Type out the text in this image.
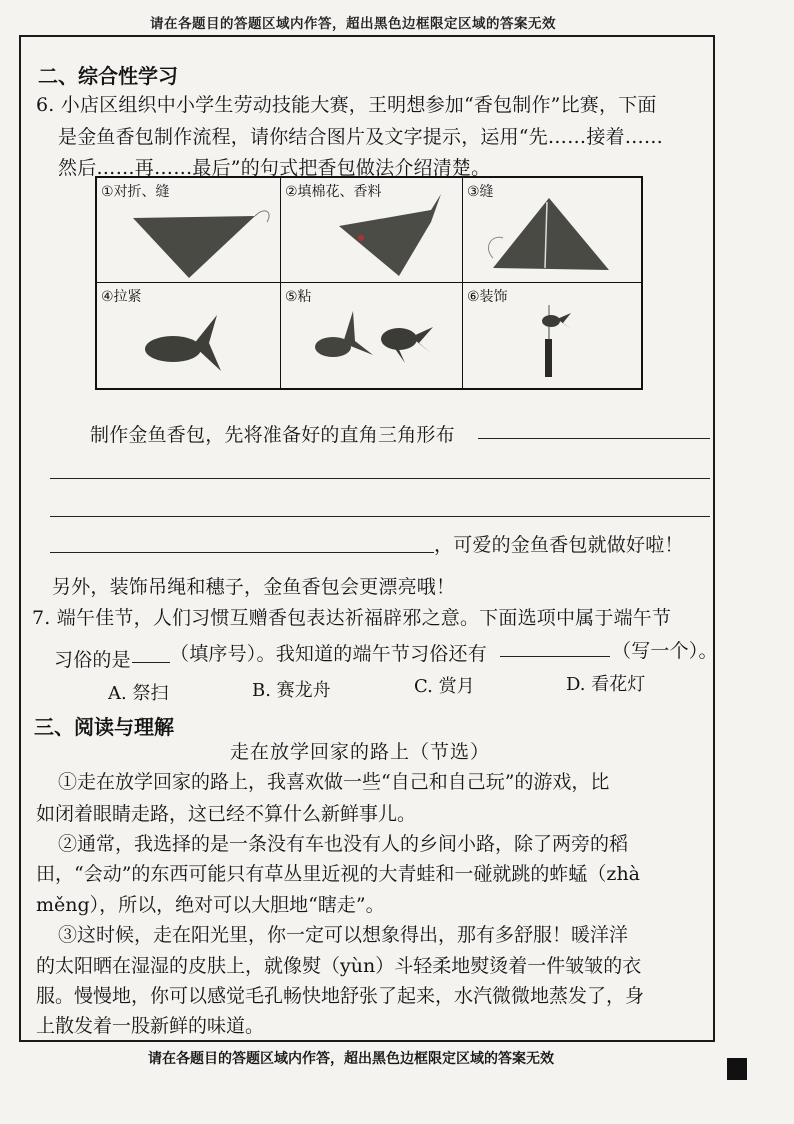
请在各题目的答题区域内作答，超出黑色边框限定区域的答案无效
二、综合性学习
6. 小店区组织中小学生劳动技能大赛，王明想参加“香包制作”比赛，下面
是金鱼香包制作流程，请你结合图片及文字提示，运用“先……接着……
然后……再……最后”的句式把香包做法介绍清楚。
①对折、缝	②填棉花、香料	③缝
④拉紧	⑤粘	⑥装饰
制作金鱼香包，先将准备好的直角三角形布
，可爱的金鱼香包就做好啦！
另外，装饰吊绳和穗子，金鱼香包会更漂亮哦！
7. 端午佳节，人们习惯互赠香包表达祈福辟邪之意。下面选项中属于端午节
习俗的是 （填序号）。我知道的端午节习俗还有	（写一个）。
A. 祭扫	B. 赛龙舟	C. 赏月	D. 看花灯
三、阅读与理解
走在放学回家的路上（节选）
①走在放学回家的路上，我喜欢做一些“自己和自己玩”的游戏，比
如闭着眼睛走路，这已经不算什么新鲜事儿。
②通常，我选择的是一条没有车也没有人的乡间小路，除了两旁的稻
田，“会动”的东西可能只有草丛里近视的大青蛙和一碰就跳的蚱蜢（zhà
měng），所以，绝对可以大胆地“瞎走”。
③这时候，走在阳光里，你一定可以想象得出，那有多舒服！暖洋洋
的太阳晒在湿湿的皮肤上，就像熨（yùn）斗轻柔地熨烫着一件皱皱的衣
服。慢慢地，你可以感觉毛孔畅快地舒张了起来，水汽微微地蒸发了，身
上散发着一股新鲜的味道。
请在各题目的答题区域内作答，超出黑色边框限定区域的答案无效
